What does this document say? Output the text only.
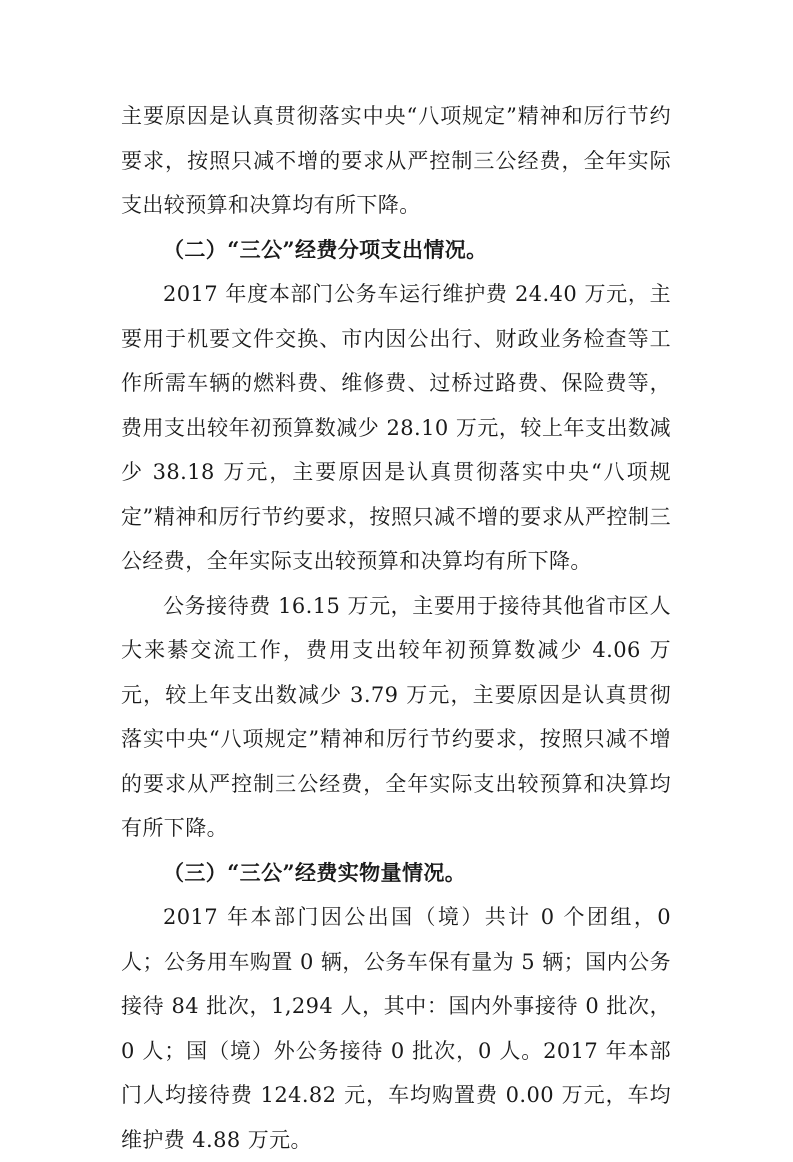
主要原因是认真贯彻落实中央“八项规定”精神和厉行节约要求，按照只减不增的要求从严控制三公经费，全年实际支出较预算和决算均有所下降。

（二）“三公”经费分项支出情况。

2017 年度本部门公务车运行维护费 24.40 万元，主要用于机要文件交换、市内因公出行、财政业务检查等工作所需车辆的燃料费、维修费、过桥过路费、保险费等，费用支出较年初预算数减少 28.10 万元，较上年支出数减少 38.18 万元，主要原因是认真贯彻落实中央“八项规定”精神和厉行节约要求，按照只减不增的要求从严控制三公经费，全年实际支出较预算和决算均有所下降。

公务接待费 16.15 万元，主要用于接待其他省市区人大来綦交流工作，费用支出较年初预算数减少 4.06 万元，较上年支出数减少 3.79 万元，主要原因是认真贯彻落实中央“八项规定”精神和厉行节约要求，按照只减不增的要求从严控制三公经费，全年实际支出较预算和决算均有所下降。

（三）“三公”经费实物量情况。

2017 年本部门因公出国（境）共计 0 个团组，0 人；公务用车购置 0 辆，公务车保有量为 5 辆；国内公务接待 84 批次，1,294 人，其中：国内外事接待 0 批次，0 人；国（境）外公务接待 0 批次，0 人。2017 年本部门人均接待费 124.82 元，车均购置费 0.00 万元，车均维护费 4.88 万元。
